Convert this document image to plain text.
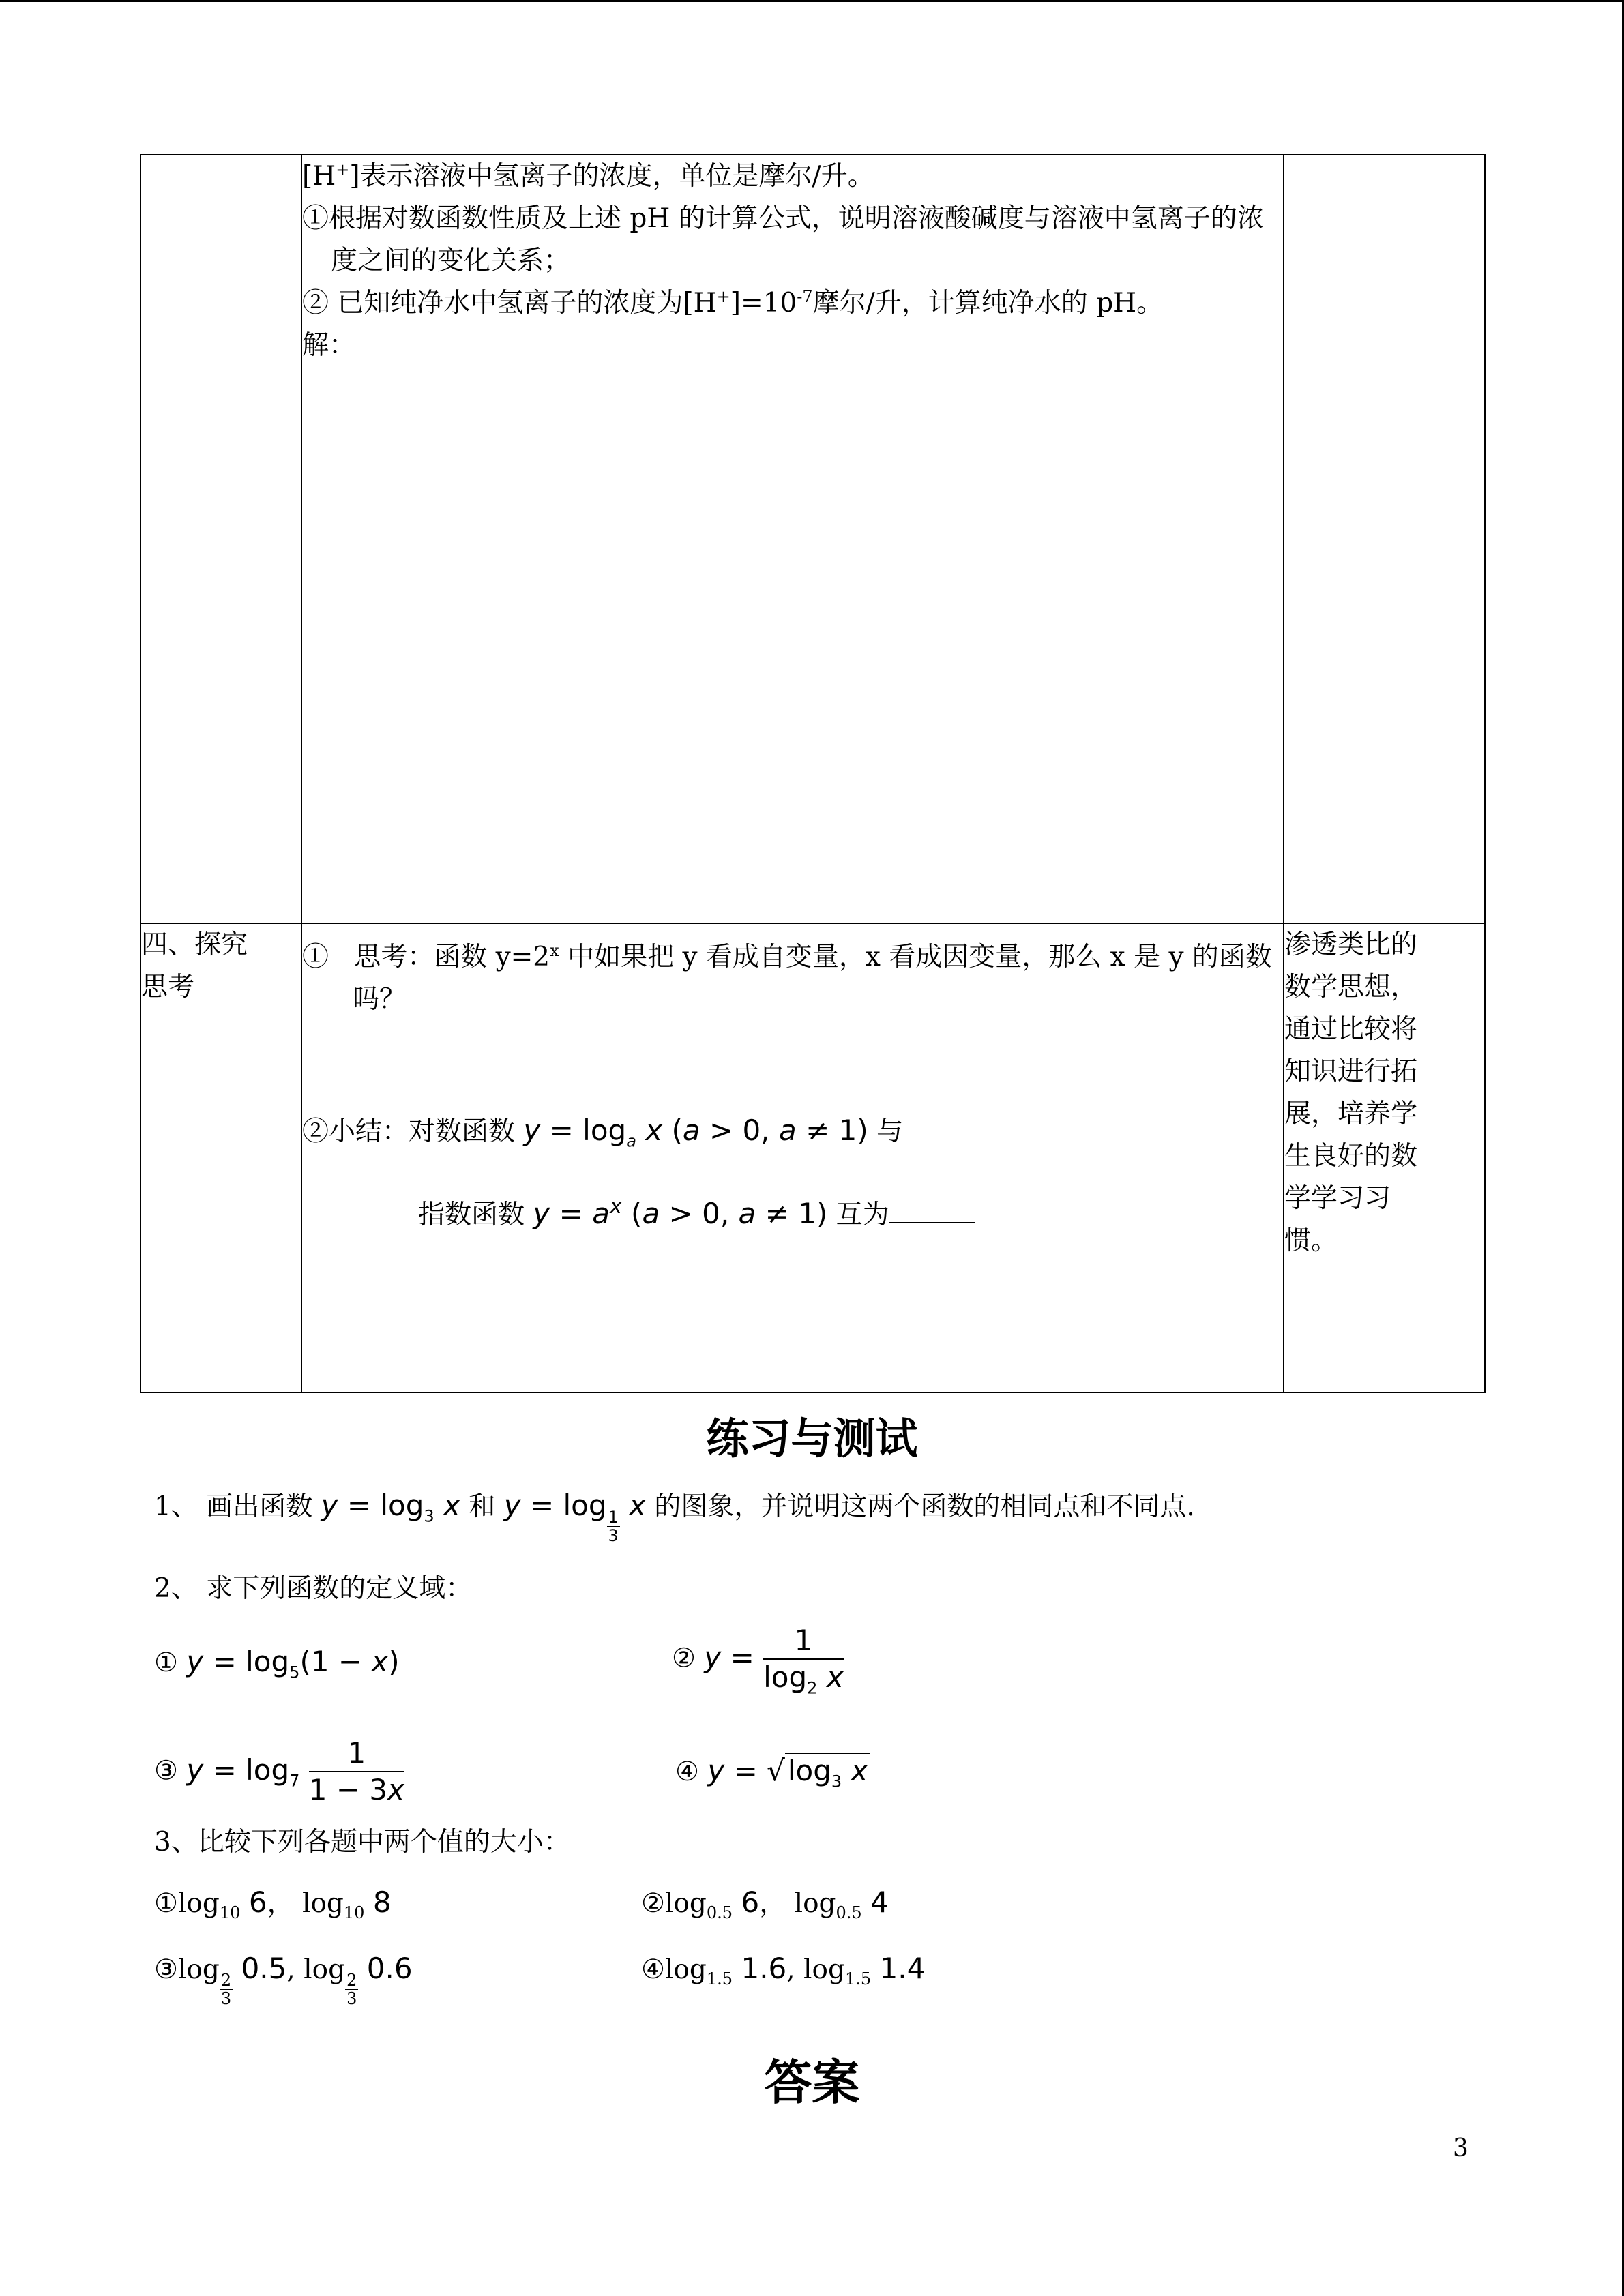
	[H+]表示溶液中氢离子的浓度，单位是摩尔/升。
①根据对数函数性质及上述 pH 的计算公式，说明溶液酸碱度与溶液中氢离子的浓度之间的变化关系；
② 已知纯净水中氢离子的浓度为$[H^+]=10^{-7}$摩尔/升，计算纯净水的 pH。
解：	

四、探究思考	①   思考：函数 $y=2^x$ 中如果把 y 看成自变量，x 看成因变量，那么 x 是 y 的函数吗？
②小结：对数函数 $y = \log_a x$ (a > 0, a ≠ 1) 与
指数函数 $y = a^x$ (a > 0, a ≠ 1) 互为	渗透类比的数学思想，通过比较将知识进行拓展，培养学生良好的数学学习习惯。
练习与测试
1、 画出函数 $y = \log_3 x$ 和 y = log
$\frac{1}{3}$ x 的图象，并说明这两个函数的相同点和不同点.
2、 求下列函数的定义域：
① $y = \log_5(1 - x)$	② $y = \frac{1}{\log_2 x}$
③ $y = \log_7 \frac{1}{1 - 3x}$	④ $y = √\log_3$ x
3、比较下列各题中两个值的大小：
$①\log_{10}$ 6， $\log_{10} 8$	$②\log_{0.5}$ 6， $\log_{0.5} 4$
③log
$\frac{2}{3} 0.5$, log
$\frac{2}{3} 0.6$	$④\log_{1.5}$ 1.6, $\log_{1.5} 1.4$
答案
3
